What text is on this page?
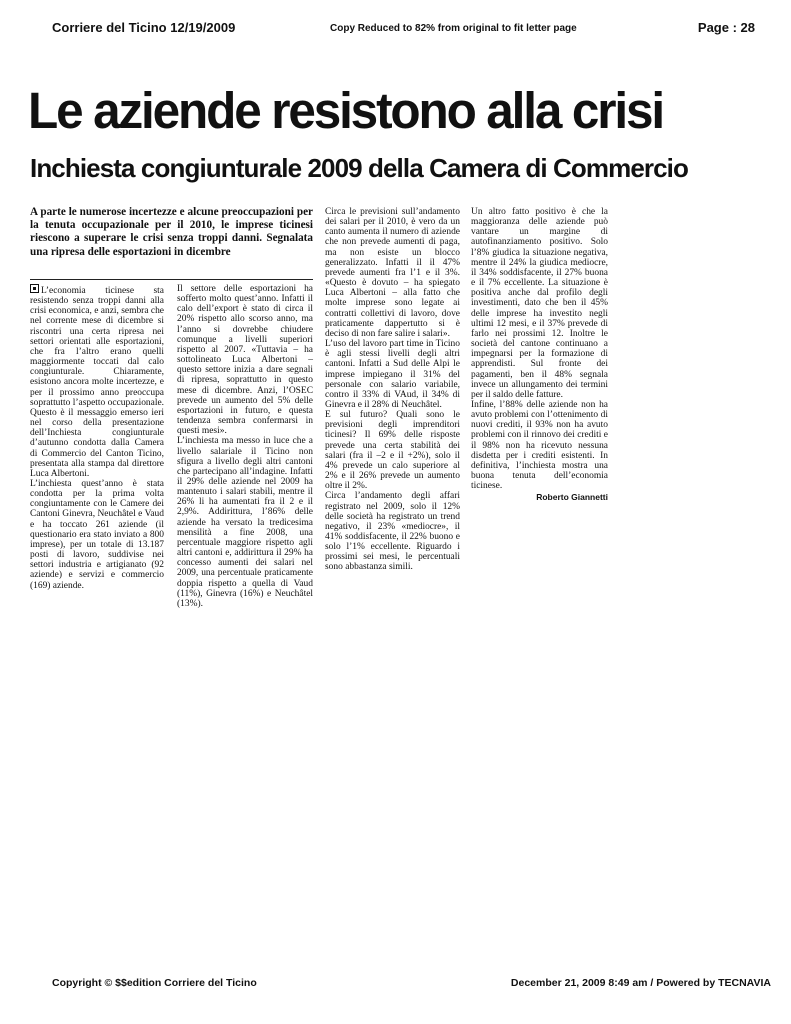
Corriere del Ticino 12/19/2009	Copy Reduced to 82% from original to fit letter page	Page : 28
Le aziende resistono alla crisi
Inchiesta congiunturale 2009 della Camera di Commercio

A parte le numerose incertezze e alcune preoccupazioni per la tenuta occupazionale per il 2010, le imprese ticinesi riescono a superare le crisi senza troppi danni. Segnalata una ripresa delle esportazioni in dicembre

L’economia ticinese sta resistendo senza troppi danni alla crisi economica, e anzi, sembra che nel corrente mese di dicembre si riscontri una certa ripresa nei settori orientati alle esportazioni, che fra l’altro erano quelli maggiormente toccati dal calo congiunturale. Chiaramente, esistono ancora molte incertezze, e per il prossimo anno preoccupa soprattutto l’aspetto occupazionale. Questo è il messaggio emerso ieri nel corso della presentazione dell’Inchiesta congiunturale d’autunno condotta dalla Camera di Commercio del Canton Ticino, presentata alla stampa dal direttore Luca Albertoni.

L’inchiesta quest’anno è stata condotta per la prima volta congiuntamente con le Camere dei Cantoni Ginevra, Neuchâtel e Vaud e ha toccato 261 aziende (il questionario era stato inviato a 800 imprese), per un totale di 13.187 posti di lavoro, suddivise nei settori industria e artigianato (92 aziende) e servizi e commercio (169) aziende.

Il settore delle esportazioni ha sofferto molto quest’anno. Infatti il calo dell’export è stato di circa il 20% rispetto allo scorso anno, ma l’anno si dovrebbe chiudere comunque a livelli superiori rispetto al 2007. «Tuttavia – ha sottolineato Luca Albertoni – questo settore inizia a dare segnali di ripresa, soprattutto in questo mese di dicembre. Anzi, l’OSEC prevede un aumento del 5% delle esportazioni in futuro, e questa tendenza sembra confermarsi in questi mesi».

L’inchiesta ma messo in luce che a livello salariale il Ticino non sfigura a livello degli altri cantoni che partecipano all’indagine. Infatti il 29% delle aziende nel 2009 ha mantenuto i salari stabili, mentre il 26% li ha aumentati fra il 2 e il 2,9%. Addirittura, l’86% delle aziende ha versato la tredicesima mensilità a fine 2008, una percentuale maggiore rispetto agli altri cantoni e, addirittura il 29% ha concesso aumenti dei salari nel 2009, una percentuale praticamente doppia rispetto a quella di Vaud (11%), Ginevra (16%) e Neuchâtel (13%).

Circa le previsioni sull’andamento dei salari per il 2010, è vero da un canto aumenta il numero di aziende che non prevede aumenti di paga, ma non esiste un blocco generalizzato. Infatti il il 47% prevede aumenti fra l’1 e il 3%. «Questo è dovuto – ha spiegato Luca Albertoni – alla fatto che molte imprese sono legate ai contratti collettivi di lavoro, dove praticamente dappertutto si è deciso di non fare salire i salari».

L’uso del lavoro part time in Ticino è agli stessi livelli degli altri cantoni. Infatti a Sud delle Alpi le imprese impiegano il 31% del personale con salario variabile, contro il 33% di VAud, il 34% di Ginevra e il 28% di Neuchâtel.

E sul futuro? Quali sono le previsioni degli imprenditori ticinesi? Il 69% delle risposte prevede una certa stabilità dei salari (fra il –2 e il +2%), solo il 4% prevede un calo superiore al 2% e il 26% prevede un aumento oltre il 2%.

Circa l’andamento degli affari registrato nel 2009, solo il 12% delle società ha registrato un trend negativo, il 23% «mediocre», il 41% soddisfacente, il 22% buono e solo l’1% eccellente. Riguardo i prossimi sei mesi, le percentuali sono abbastanza simili.

Un altro fatto positivo è che la maggioranza delle aziende può vantare un margine di autofinanziamento positivo. Solo l’8% giudica la situazione negativa, mentre il 24% la giudica mediocre, il 34% soddisfacente, il 27% buona e il 7% eccellente. La situazione è positiva anche dal profilo degli investimenti, dato che ben il 45% delle imprese ha investito negli ultimi 12 mesi, e il 37% prevede di farlo nei prossimi 12. Inoltre le società del cantone continuano a impegnarsi per la formazione di apprendisti. Sul fronte dei pagamenti, ben il 48% segnala invece un allungamento dei termini per il saldo delle fatture.

Infine, l’88% delle aziende non ha avuto problemi con l’ottenimento di nuovi crediti, il 93% non ha avuto problemi con il rinnovo dei crediti e il 98% non ha ricevuto nessuna disdetta per i crediti esistenti. In definitiva, l’inchiesta mostra una buona tenuta dell’economia ticinese.

Roberto Giannetti
Copyright © $$edition Corriere del Ticino	December 21, 2009 8:49 am / Powered by TECNAVIA
